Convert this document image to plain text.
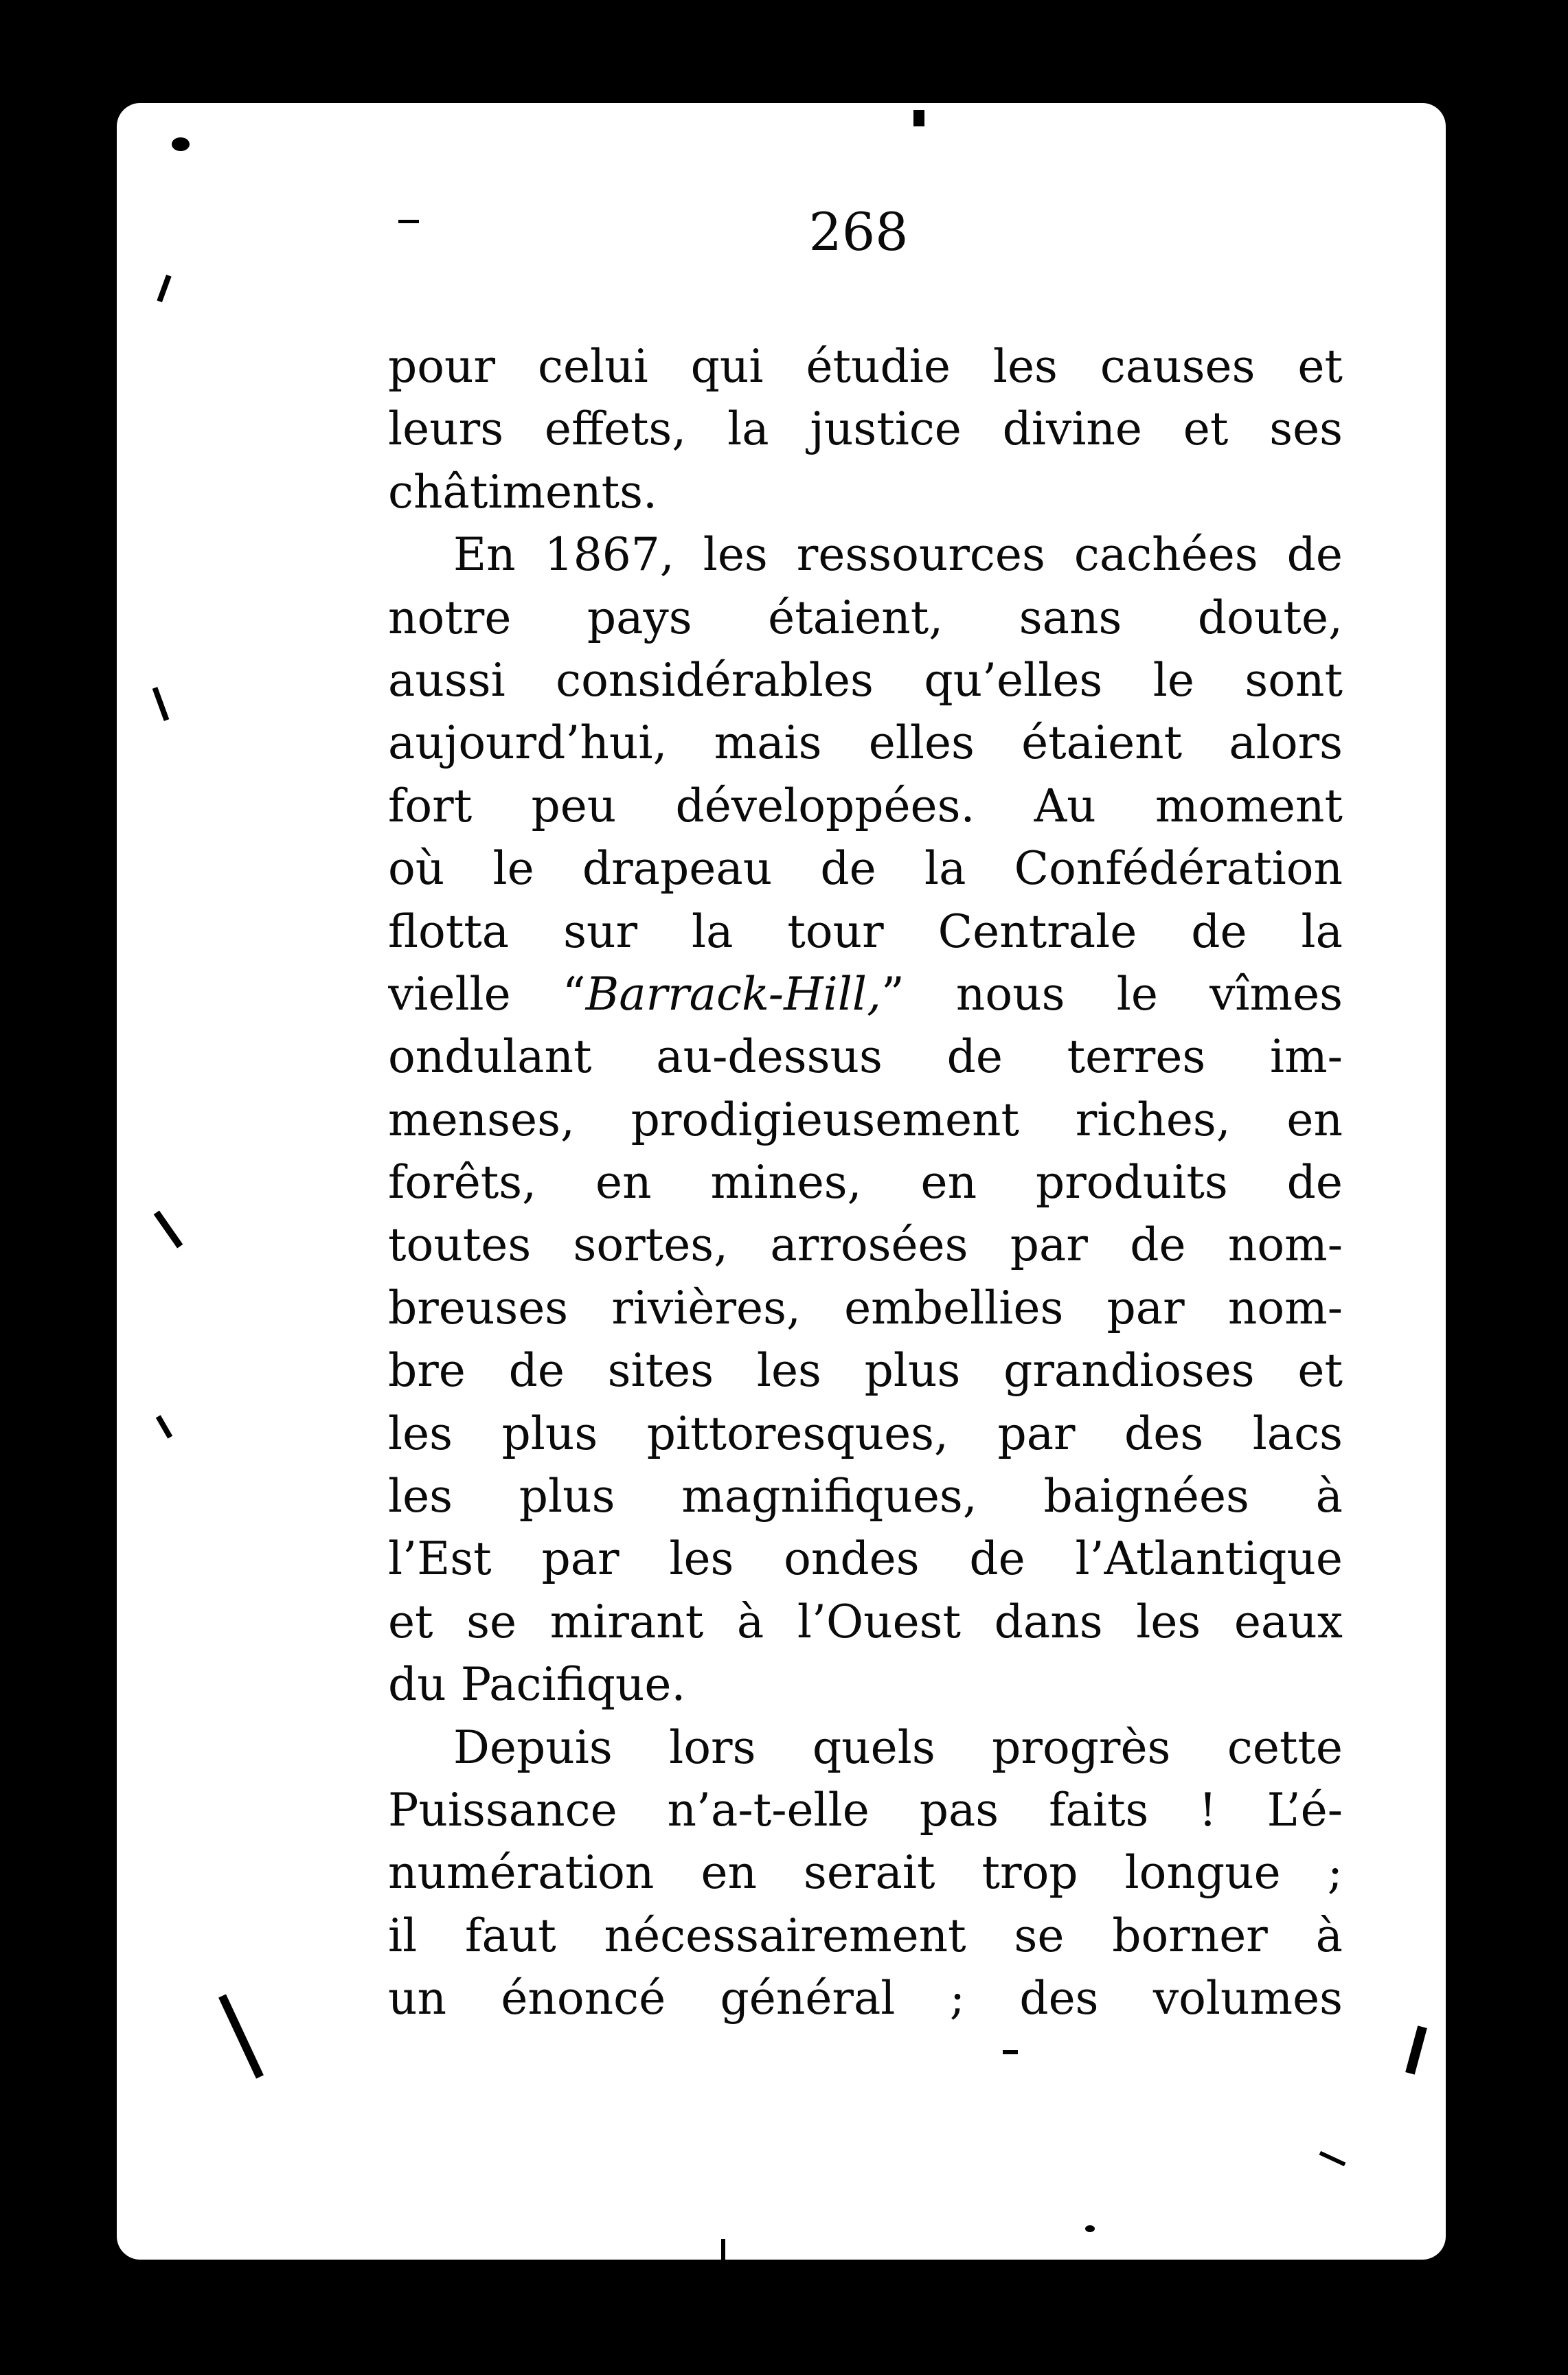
268
pour celui qui étudie les causes et
leurs effets, la justice divine et ses
châtiments.
En 1867, les ressources cachées de
notre pays étaient, sans doute,
aussi considérables qu’elles le sont
aujourd’hui, mais elles étaient alors
fort peu développées. Au moment
où le drapeau de la Confédération
flotta sur la tour Centrale de la
vielle “Barrack-Hill,” nous le vîmes
ondulant au-dessus de terres im-
menses, prodigieusement riches, en
forêts, en mines, en produits de
toutes sortes, arrosées par de nom-
breuses rivières, embellies par nom-
bre de sites les plus grandioses et
les plus pittoresques, par des lacs
les plus magnifiques, baignées à
l’Est par les ondes de l’Atlantique
et se mirant à l’Ouest dans les eaux
du Pacifique.
Depuis lors quels progrès cette
Puissance n’a-t-elle pas faits ! L’é-
numération en serait trop longue ;
il faut nécessairement se borner à
un énoncé général ; des volumes
